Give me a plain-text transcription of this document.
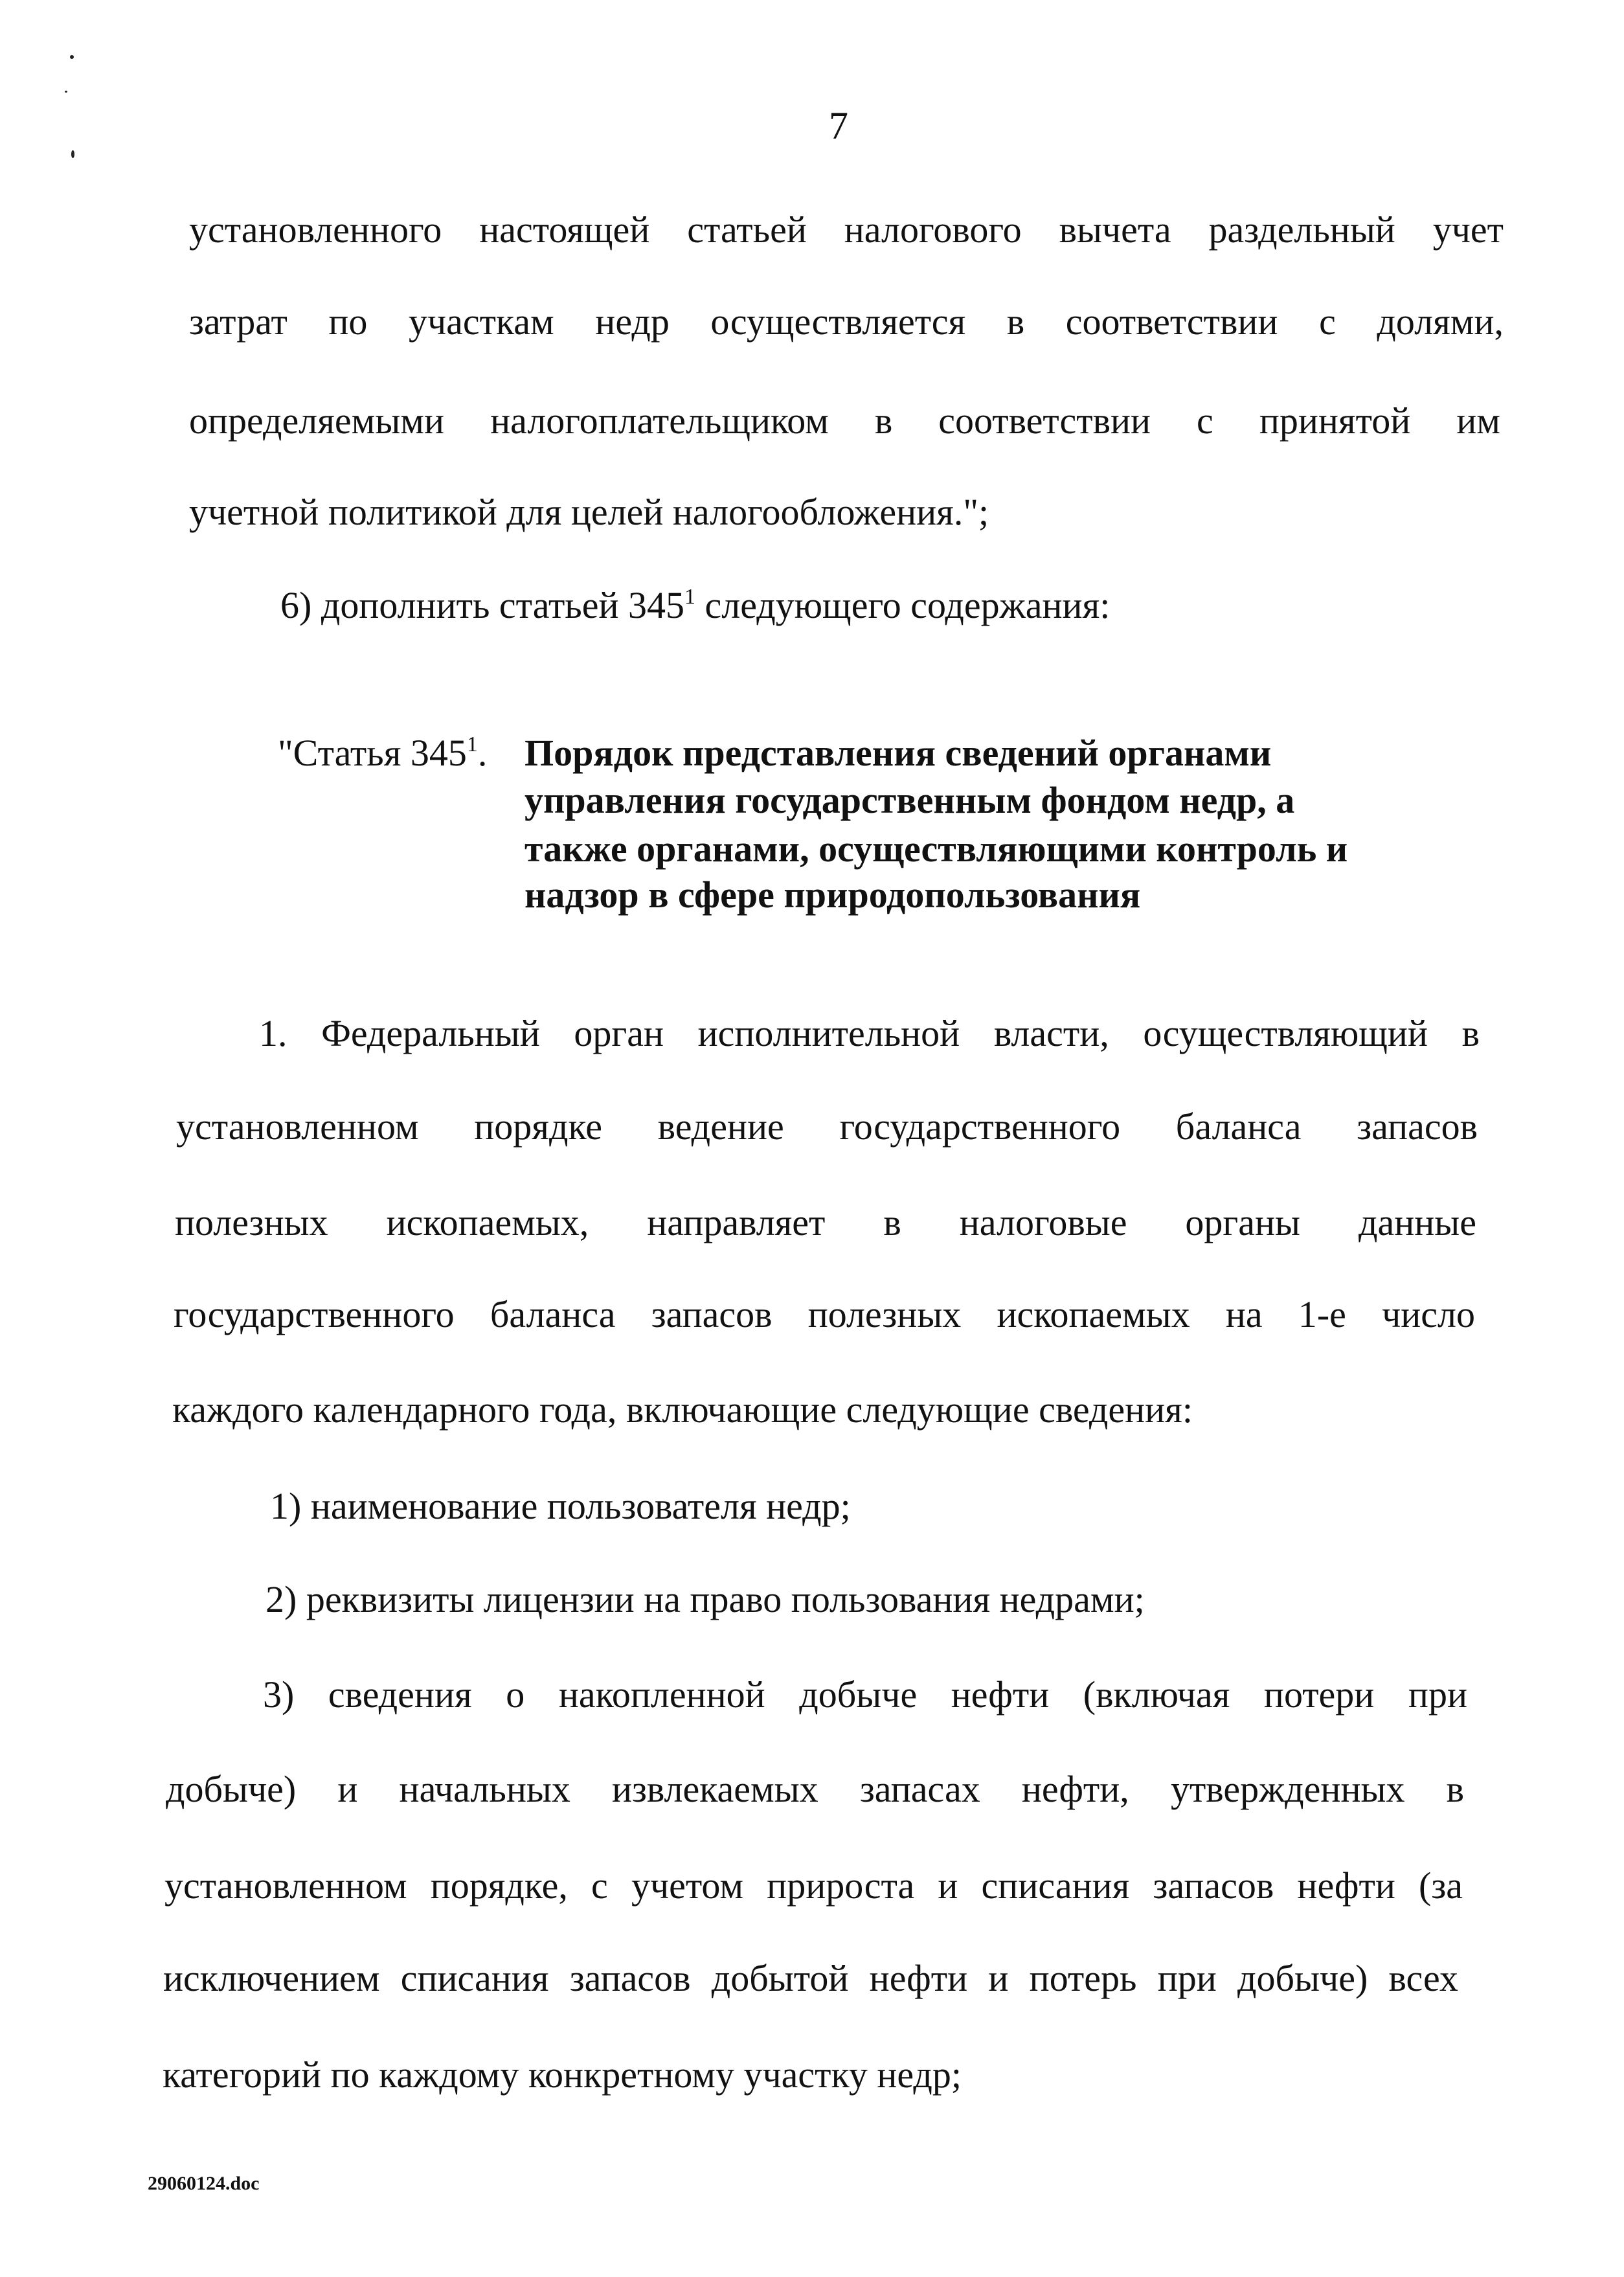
7
установленного настоящей статьей налогового вычета раздельный учет
затрат по участкам недр осуществляется в соответствии с долями,
определяемыми налогоплательщиком в соответствии с принятой им
учетной политикой для целей налогообложения.";
6) дополнить статьей $345^1$ следующего содержания:
"Статья $345^1$. Порядок представления сведений органами
управления государственным фондом недр, а
также органами, осуществляющими контроль и
надзор в сфере природопользования
1. Федеральный орган исполнительной власти, осуществляющий в
установленном порядке ведение государственного баланса запасов
полезных ископаемых, направляет в налоговые органы данные
государственного баланса запасов полезных ископаемых на 1-е число
каждого календарного года, включающие следующие сведения:
1) наименование пользователя недр;
2) реквизиты лицензии на право пользования недрами;
3) сведения о накопленной добыче нефти (включая потери при
добыче) и начальных извлекаемых запасах нефти, утвержденных в
установленном порядке, с учетом прироста и списания запасов нефти (за
исключением списания запасов добытой нефти и потерь при добыче) всех
категорий по каждому конкретному участку недр;
29060124.doc
